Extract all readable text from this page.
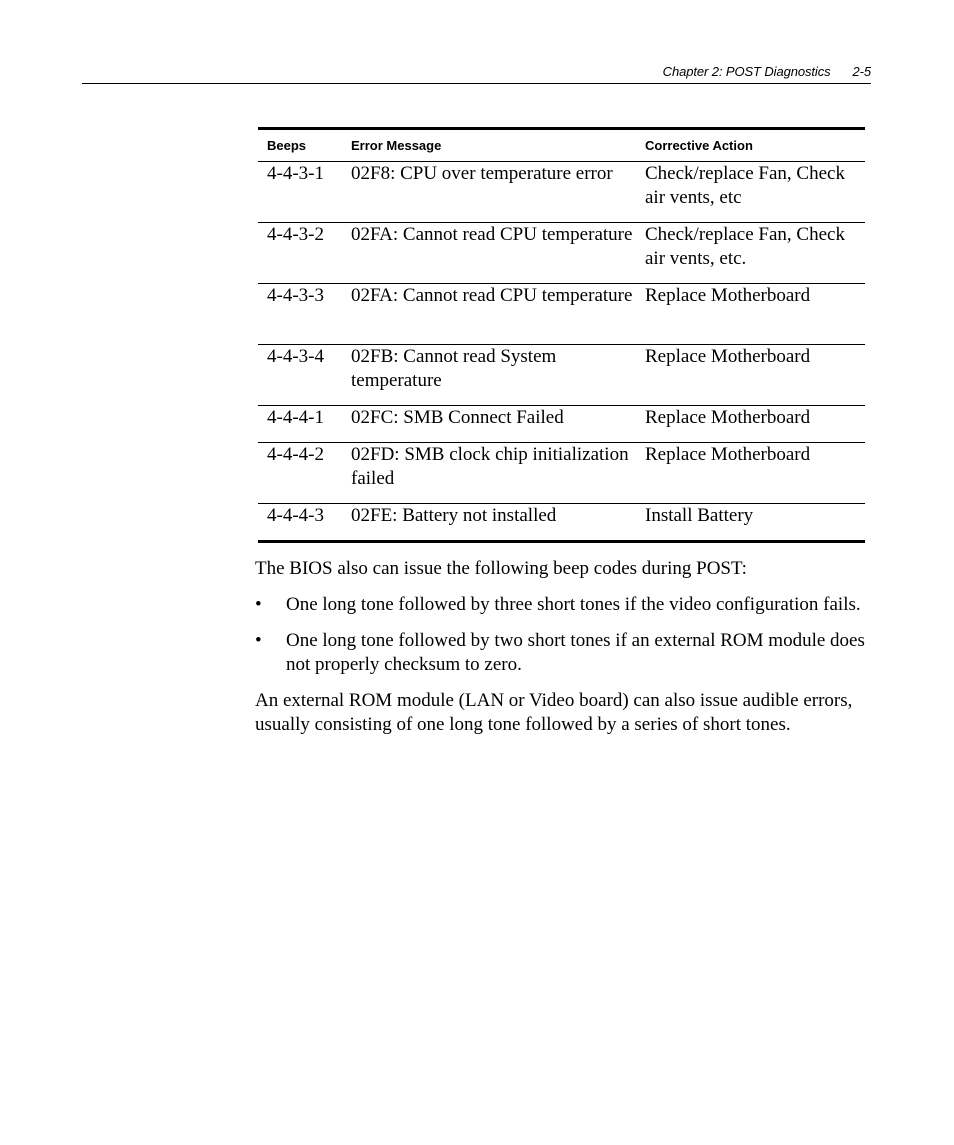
Chapter 2: POST Diagnostics 2-5
Beeps	Error Message	Corrective Action
4-4-3-1	02F8: CPU over temperature error	Check/replace Fan, Check air vents, etc
4-4-3-2	02FA: Cannot read CPU temperature	Check/replace Fan, Check air vents, etc.
4-4-3-3	02FA: Cannot read CPU temperature	Replace Motherboard
4-4-3-4	02FB: Cannot read System temperature	Replace Motherboard
4-4-4-1	02FC: SMB Connect Failed	Replace Motherboard
4-4-4-2	02FD: SMB clock chip initialization failed	Replace Motherboard
4-4-4-3	02FE: Battery not installed	Install Battery

The BIOS also can issue the following beep codes during POST:

• One long tone followed by three short tones if the video configuration fails.
• One long tone followed by two short tones if an external ROM module does not properly checksum to zero.

An external ROM module (LAN or Video board) can also issue audible errors, usually consisting of one long tone followed by a series of short tones.
